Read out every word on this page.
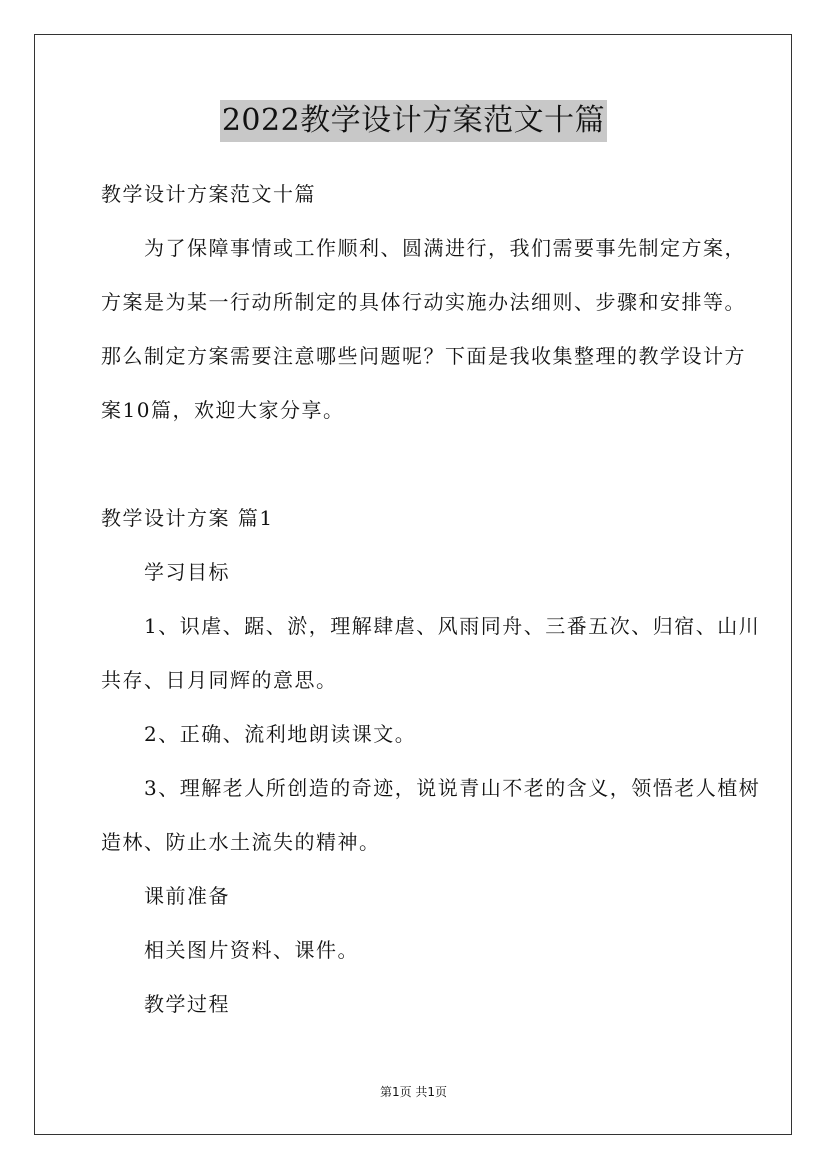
2022教学设计方案范文十篇
教学设计方案范文十篇
为了保障事情或工作顺利、圆满进行，我们需要事先制定方案，
方案是为某一行动所制定的具体行动实施办法细则、步骤和安排等。
那么制定方案需要注意哪些问题呢？下面是我收集整理的教学设计方
案10篇，欢迎大家分享。
教学设计方案 篇1
学习目标
1、识虐、踞、淤，理解肆虐、风雨同舟、三番五次、归宿、山川
共存、日月同辉的意思。
2、正确、流利地朗读课文。
3、理解老人所创造的奇迹，说说青山不老的含义，领悟老人植树
造林、防止水土流失的精神。
课前准备
相关图片资料、课件。
教学过程
第1页 共1页
